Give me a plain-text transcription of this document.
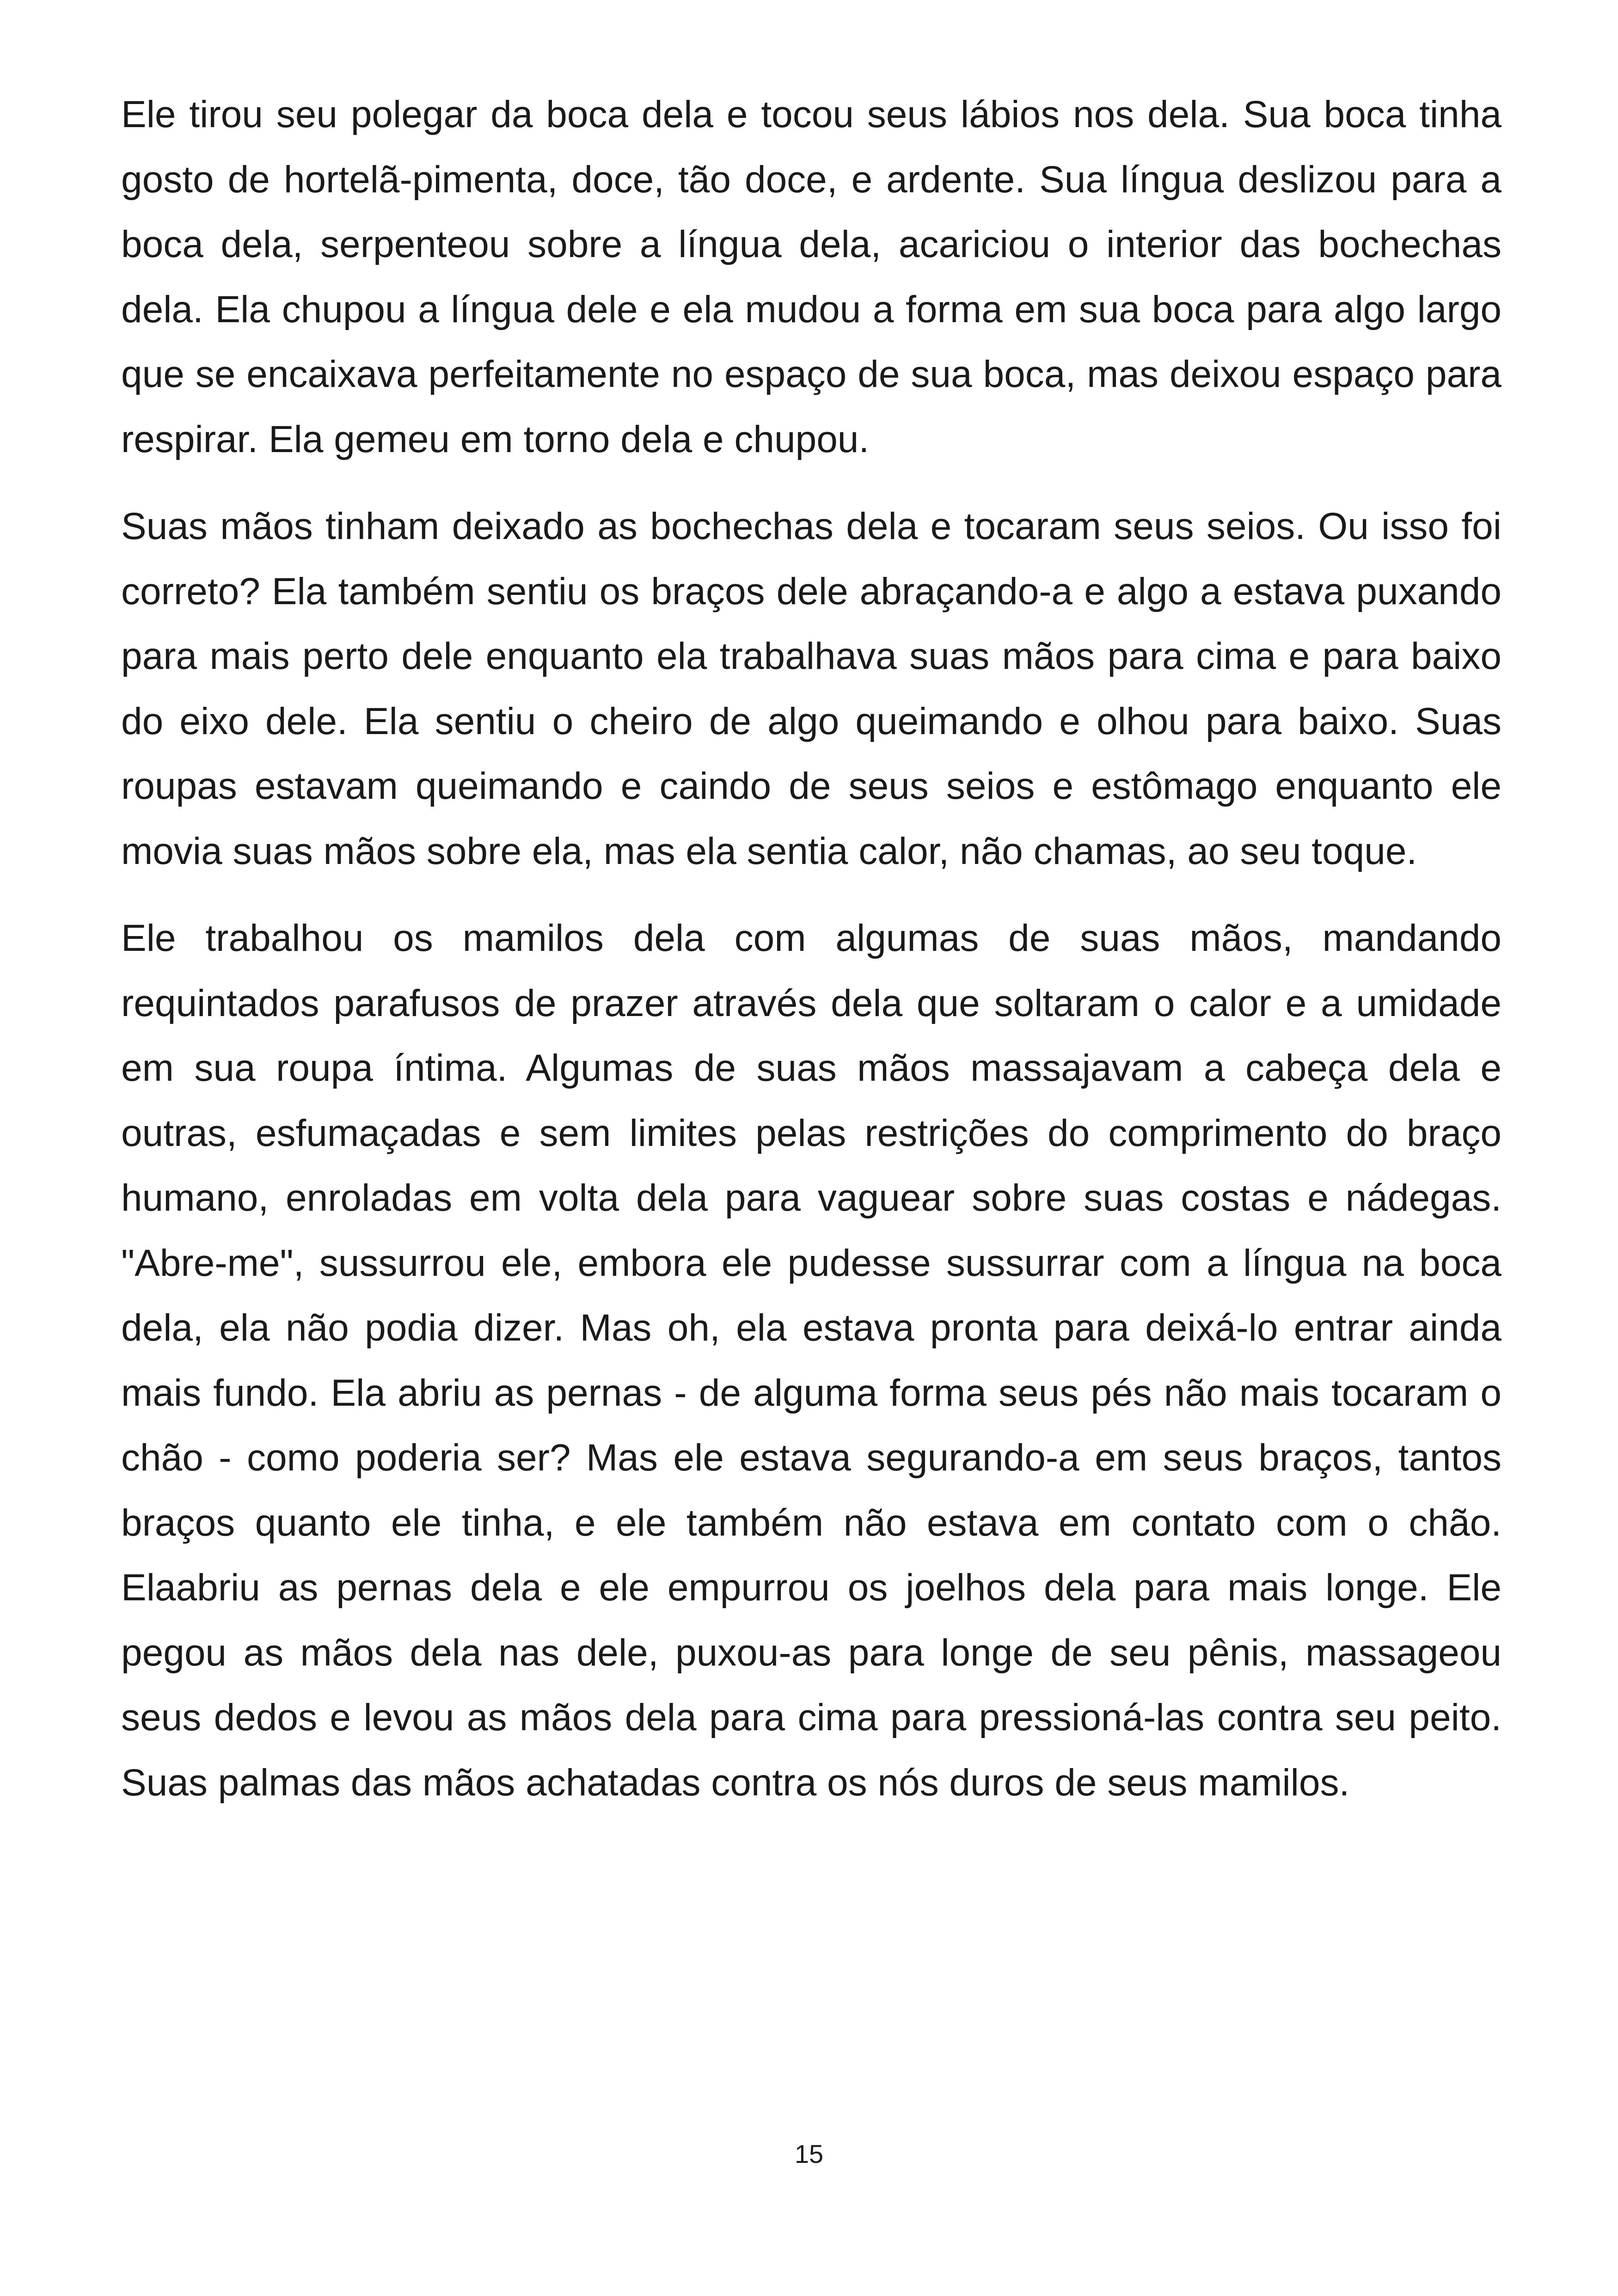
Ele tirou seu polegar da boca dela e tocou seus lábios nos dela. Sua boca tinha gosto de hortelã-pimenta, doce, tão doce, e ardente. Sua língua deslizou para a boca dela, serpenteou sobre a língua dela, acariciou o interior das bochechas dela. Ela chupou a língua dele e ela mudou a forma em sua boca para algo largo que se encaixava perfeitamente no espaço de sua boca, mas deixou espaço para respirar. Ela gemeu em torno dela e chupou.

Suas mãos tinham deixado as bochechas dela e tocaram seus seios. Ou isso foi correto? Ela também sentiu os braços dele abraçando-a e algo a estava puxando para mais perto dele enquanto ela trabalhava suas mãos para cima e para baixo do eixo dele. Ela sentiu o cheiro de algo queimando e olhou para baixo. Suas roupas estavam queimando e caindo de seus seios e estômago enquanto ele movia suas mãos sobre ela, mas ela sentia calor, não chamas, ao seu toque.

Ele trabalhou os mamilos dela com algumas de suas mãos, mandando requintados parafusos de prazer através dela que soltaram o calor e a umidade em sua roupa íntima. Algumas de suas mãos massajavam a cabeça dela e outras, esfumaçadas e sem limites pelas restrições do comprimento do braço humano, enroladas em volta dela para vaguear sobre suas costas e nádegas. "Abre-me", sussurrou ele, embora ele pudesse sussurrar com a língua na boca dela, ela não podia dizer. Mas oh, ela estava pronta para deixá-lo entrar ainda mais fundo. Ela abriu as pernas - de alguma forma seus pés não mais tocaram o chão - como poderia ser? Mas ele estava segurando-a em seus braços, tantos braços quanto ele tinha, e ele também não estava em contato com o chão. Elaabriu as pernas dela e ele empurrou os joelhos dela para mais longe. Ele pegou as mãos dela nas dele, puxou-as para longe de seu pênis, massageou seus dedos e levou as mãos dela para cima para pressioná-las contra seu peito. Suas palmas das mãos achatadas contra os nós duros de seus mamilos.

15
